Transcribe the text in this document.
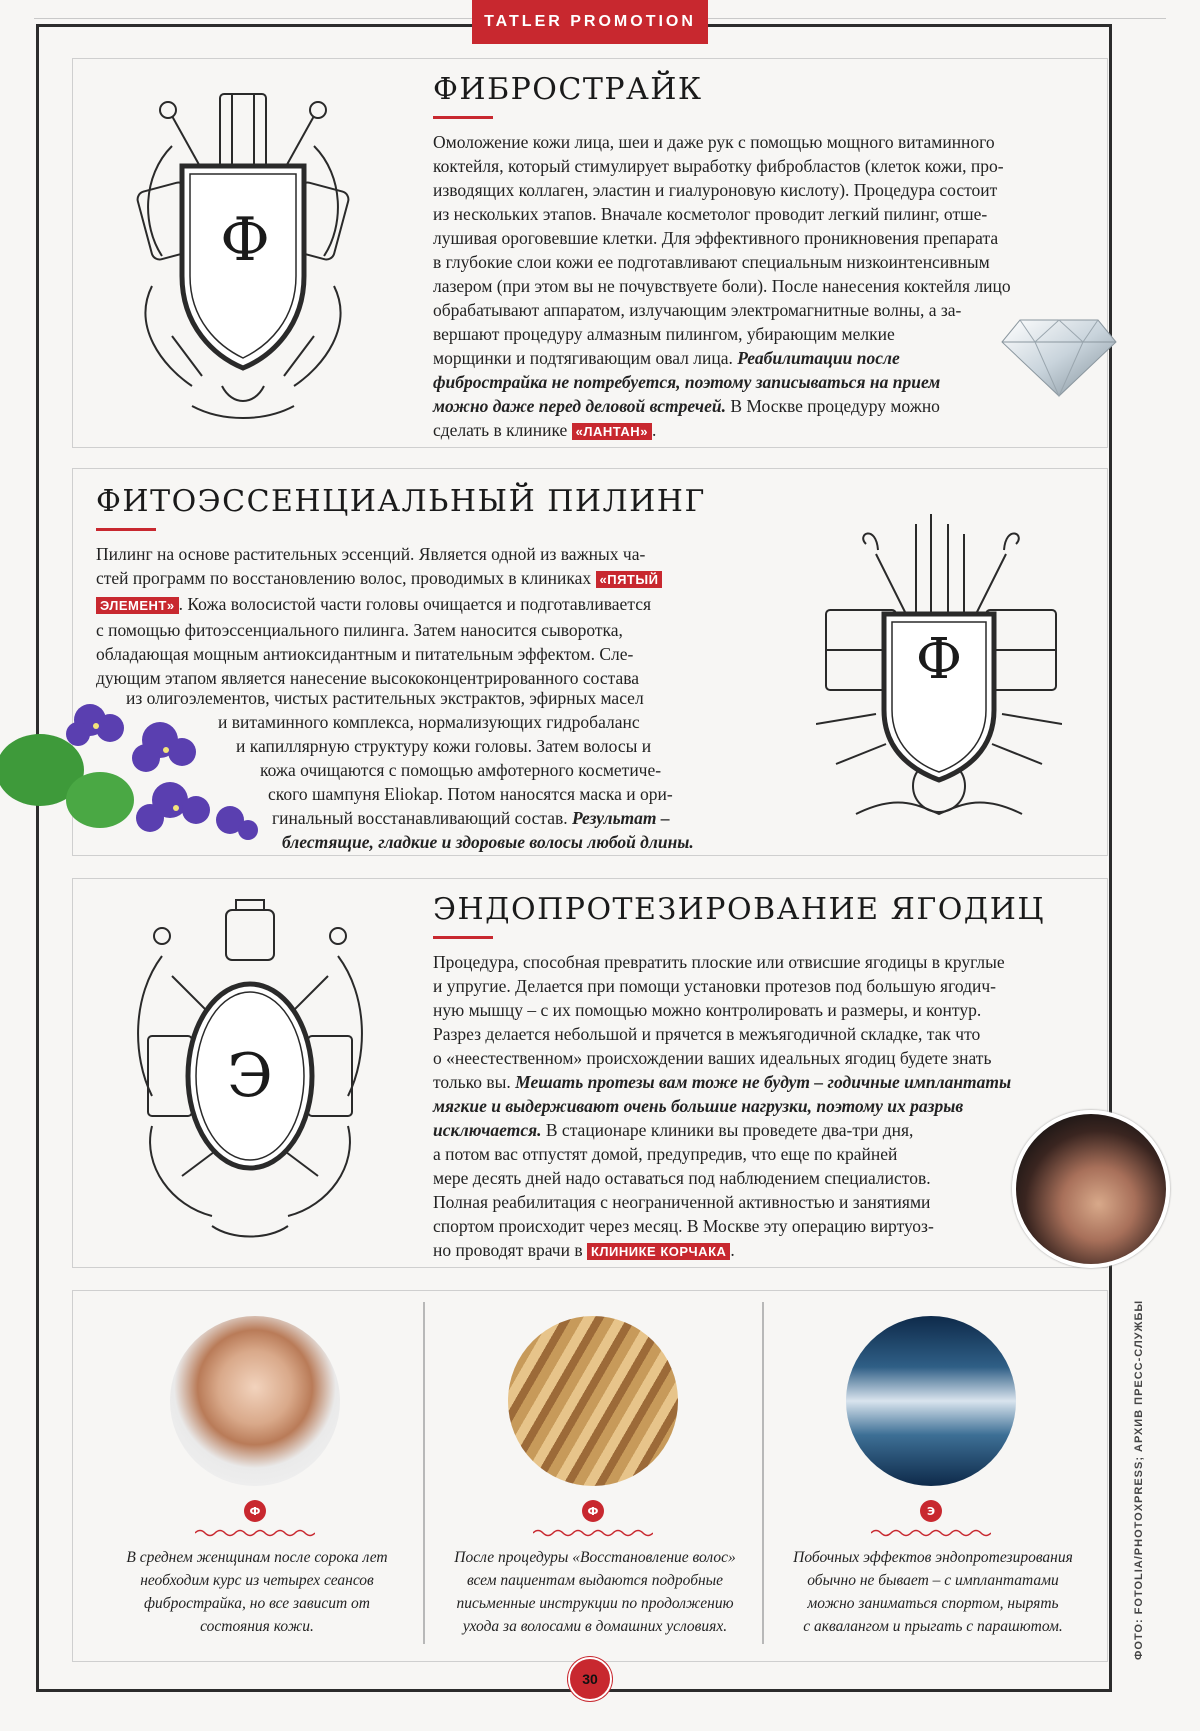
TATLER PROMOTION
Ф
ФИБРОСТРАЙК
Омоложение кожи лица, шеи и даже рук с помощью мощного витаминного
коктейля, который стимулирует выработку фибробластов (клеток кожи, про-
изводящих коллаген, эластин и гиалуроновую кислоту). Процедура состоит
из нескольких этапов. Вначале косметолог проводит легкий пилинг, отше-
лушивая ороговевшие клетки. Для эффективного проникновения препарата
в глубокие слои кожи ее подготавливают специальным низкоинтенсивным
лазером (при этом вы не почувствуете боли). После нанесения коктейля лицо
обрабатывают аппаратом, излучающим электромагнитные волны, а за-
вершают процедуру алмазным пилингом, убирающим мелкие
морщинки и подтягивающим овал лица. Реабилитации после
фибрострайка не потребуется, поэтому записываться на прием
можно даже перед деловой встречей. В Москве процедуру можно
сделать в клинике «ЛАНТАН» .
ФИТОЭССЕНЦИАЛЬНЫЙ ПИЛИНГ
Пилинг на основе растительных эссенций. Является одной из важных ча-
стей программ по восстановлению волос, проводимых в клиниках «ПЯТЫЙ
ЭЛЕМЕНТ» . Кожа волосистой части головы очищается и подготавливается
с помощью фитоэссенциального пилинга. Затем наносится сыворотка,
обладающая мощным антиоксидантным и питательным эффектом. Сле-
дующим этапом является нанесение высококонцентрированного состава
из олигоэлементов, чистых растительных экстрактов, эфирных масел
и витаминного комплекса, нормализующих гидробаланс
и капиллярную структуру кожи головы. Затем волосы и
кожа очищаются с помощью амфотерного косметиче-
ского шампуня Eliokap. Потом наносятся маска и ори-
гинальный восстанавливающий состав. Результат –
блестящие, гладкие и здоровые волосы любой длины.
Ф
Э
ЭНДОПРОТЕЗИРОВАНИЕ ЯГОДИЦ
Процедура, способная превратить плоские или отвисшие ягодицы в круглые
и упругие. Делается при помощи установки протезов под большую ягодич-
ную мышцу – с их помощью можно контролировать и размеры, и контур.
Разрез делается небольшой и прячется в межъягодичной складке, так что
о «неестественном» происхождении ваших идеальных ягодиц будете знать
только вы. Мешать протезы вам тоже не будут – годичные имплантаты
мягкие и выдерживают очень большие нагрузки, поэтому их разрыв
исключается. В стационаре клиники вы проведете два-три дня,
а потом вас отпустят домой, предупредив, что еще по крайней
мере десять дней надо оставаться под наблюдением специалистов.
Полная реабилитация с неограниченной активностью и занятиями
спортом происходит через месяц. В Москве эту операцию виртуоз-
но проводят врачи в КЛИНИКЕ КОРЧАКА .
Ф	Ф	Э
В среднем женщинам после сорока лет
необходим курс из четырех сеансов
фибрострайка, но все зависит от
состояния кожи.
После процедуры «Восстановление волос»
всем пациентам выдаются подробные
письменные инструкции по продолжению
ухода за волосами в домашних условиях.
Побочных эффектов эндопротезирования
обычно не бывает – с имплантатами
можно заниматься спортом, нырять
с аквалангом и прыгать с парашютом.	ФОТО: FOTOLIA/PHOTOXPRESS; АРХИВ ПРЕСС-СЛУЖБЫ
30
